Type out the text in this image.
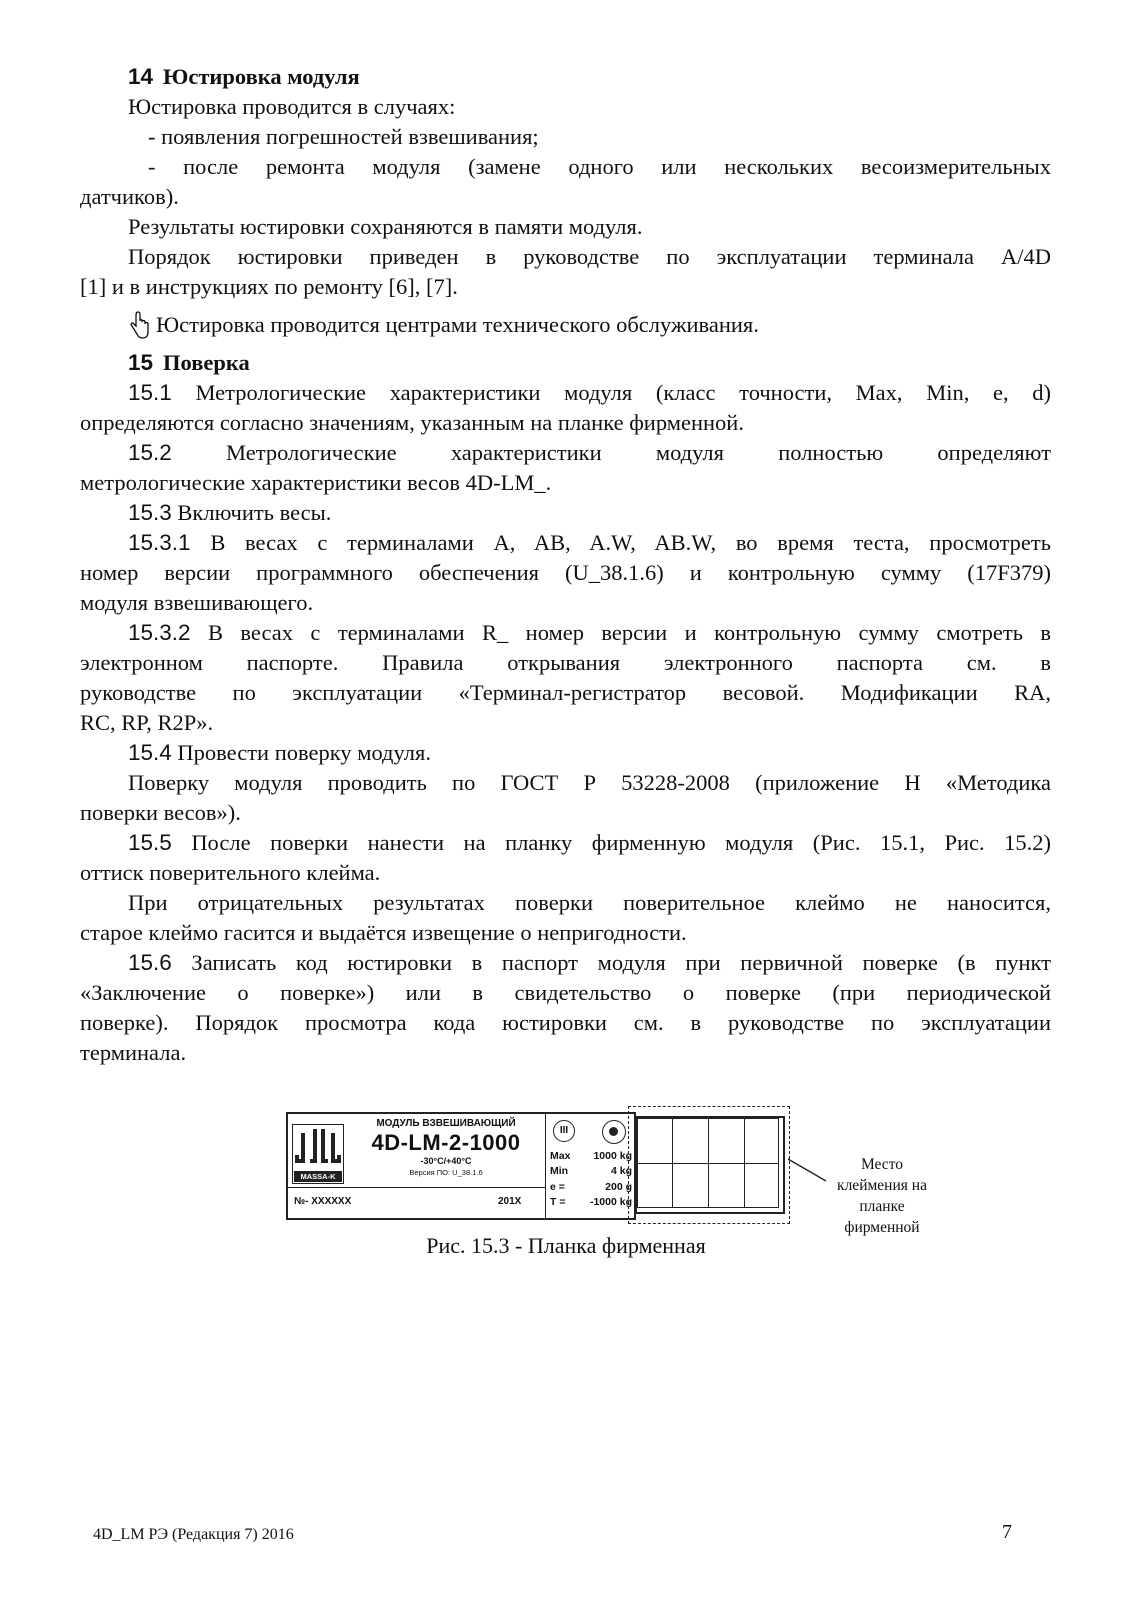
14 Юстировка модуля
Юстировка проводится в случаях:
- появления погрешностей взвешивания;
- после ремонта модуля (замене одного или нескольких весоизмерительных
датчиков).
Результаты юстировки сохраняются в памяти модуля.
Порядок юстировки приведен в руководстве по эксплуатации терминала A/4D
[1] и в инструкциях по ремонту [6], [7].
Юстировка проводится центрами технического обслуживания.
15 Поверка
15.1 Метрологические характеристики модуля (класс точности, Max, Min, e, d)
определяются согласно значениям, указанным на планке фирменной.
15.2 Метрологические характеристики модуля полностью определяют
метрологические характеристики весов 4D-LM_.
15.3 Включить весы.
15.3.1 В весах с терминалами A, AB, A.W, AB.W, во время теста, просмотреть
номер версии программного обеспечения (U_38.1.6) и контрольную сумму (17F379)
модуля взвешивающего.
15.3.2 В весах с терминалами R_ номер версии и контрольную сумму смотреть в
электронном паспорте. Правила открывания электронного паспорта см. в
руководстве по эксплуатации «Терминал-регистратор весовой. Модификации RA,
RC, RP, R2P».
15.4 Провести поверку модуля.
Поверку модуля проводить по ГОСТ Р 53228-2008 (приложение Н «Методика
поверки весов»).
15.5 После поверки нанести на планку фирменную модуля (Рис. 15.1, Рис. 15.2)
оттиск поверительного клейма.
При отрицательных результатах поверки поверительное клеймо не наносится,
старое клеймо гасится и выдаётся извещение о непригодности.
15.6 Записать код юстировки в паспорт модуля при первичной поверке (в пункт
«Заключение о поверке») или в свидетельство о поверке (при периодической
поверке). Порядок просмотра кода юстировки см. в руководстве по эксплуатации
терминала.
MASSA-K
МОДУЛЬ ВЗВЕШИВАЮЩИЙ
4D-LM-2-1000
-30°C/+40°C
Версия ПО: U_38.1.6
№- XXXXXX	201X
III
Max 1000 kg
Min	4 kg
e =	200 g
T = -1000 kg
Место
клеймения на
планке
фирменной
Рис. 15.3 - Планка фирменная
4D_LM РЭ (Редакция 7) 2016	7
